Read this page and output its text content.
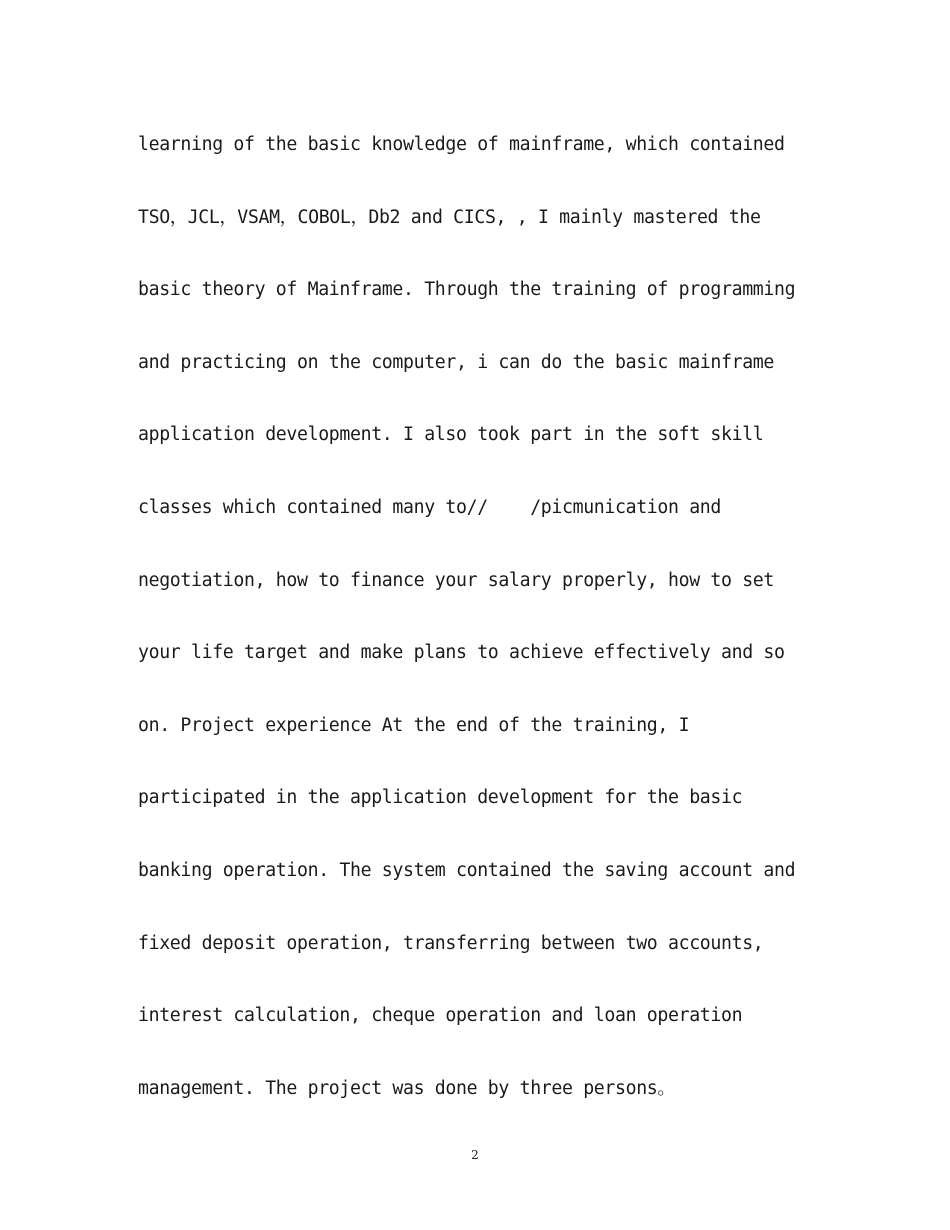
learning of the basic knowledge of mainframe, which contained
TSO，JCL，VSAM，COBOL，Db2 and CICS, , I mainly mastered the
basic theory of Mainframe. Through the training of programming
and practicing on the computer, i can do the basic mainframe
application development. I also took part in the soft skill
classes which contained many to//    /picmunication and
negotiation, how to finance your salary properly, how to set
your life target and make plans to achieve effectively and so
on. Project experience At the end of the training, I
participated in the application development for the basic
banking operation. The system contained the saving account and
fixed deposit operation, transferring between two accounts,
interest calculation, cheque operation and loan operation
management. The project was done by three persons。
2
